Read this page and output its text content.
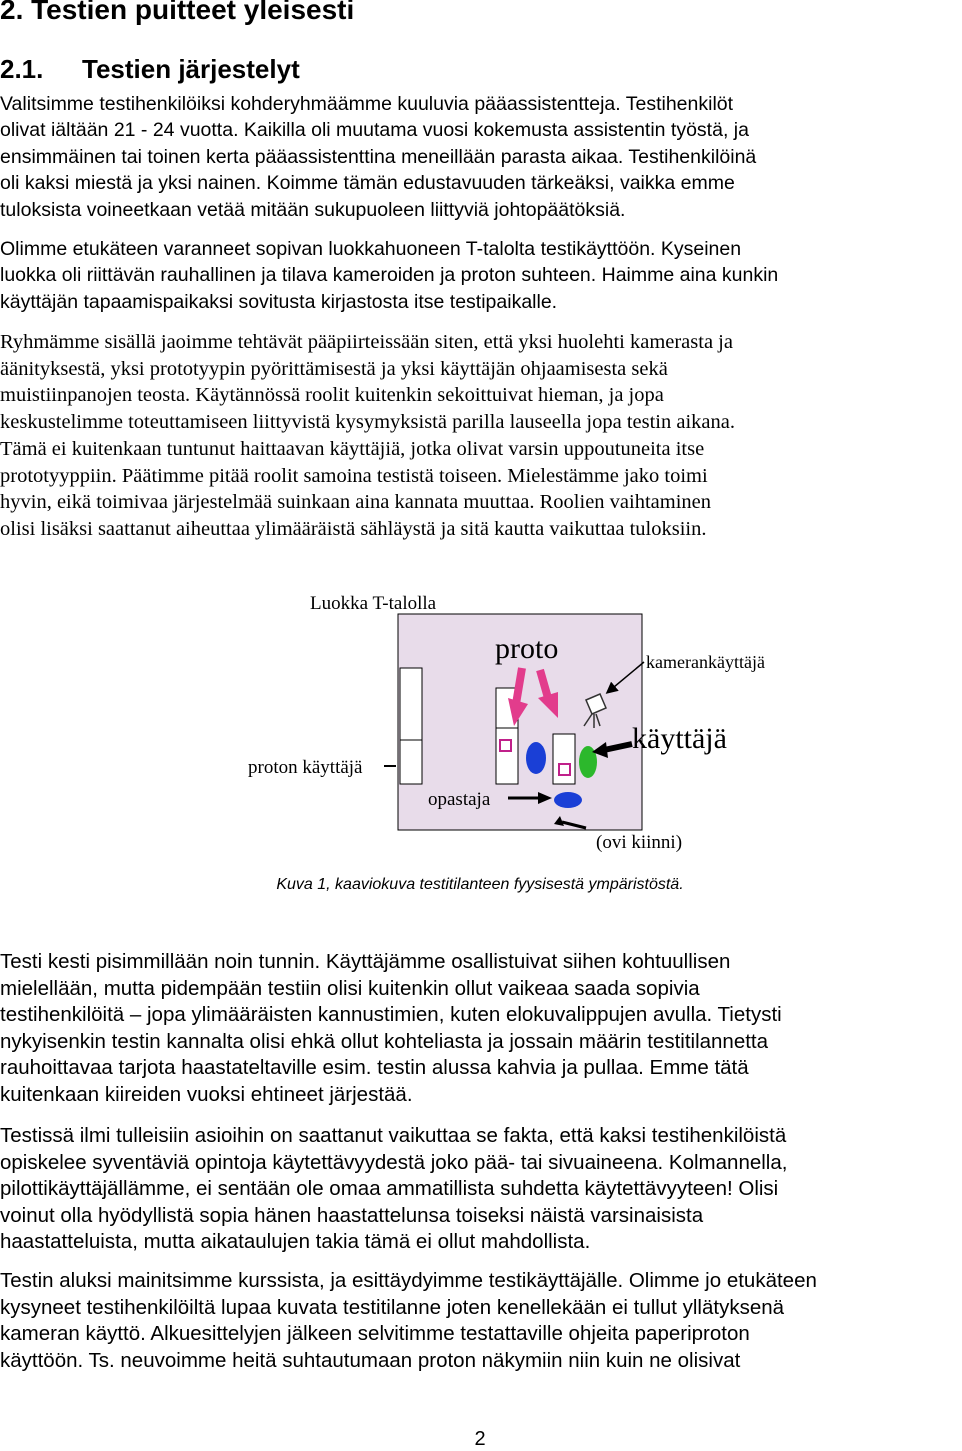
2. Testien puitteet yleisesti
2.1. Testien järjestelyt
Valitsimme testihenkilöiksi kohderyhmäämme kuuluvia pääassistentteja. Testihenkilöt
olivat iältään 21 - 24 vuotta. Kaikilla oli muutama vuosi kokemusta assistentin työstä, ja
ensimmäinen tai toinen kerta pääassistenttina meneillään parasta aikaa. Testihenkilöinä
oli kaksi miestä ja yksi nainen. Koimme tämän edustavuuden tärkeäksi, vaikka emme
tuloksista voineetkaan vetää mitään sukupuoleen liittyviä johtopäätöksiä.
Olimme etukäteen varanneet sopivan luokkahuoneen T-talolta testikäyttöön. Kyseinen
luokka oli riittävän rauhallinen ja tilava kameroiden ja proton suhteen. Haimme aina kunkin
käyttäjän tapaamispaikaksi sovitusta kirjastosta itse testipaikalle.
Ryhmämme sisällä jaoimme tehtävät pääpiirteissään siten, että yksi huolehti kamerasta ja
äänityksestä, yksi prototyypin pyörittämisestä ja yksi käyttäjän ohjaamisesta sekä
muistiinpanojen teosta. Käytännössä roolit kuitenkin sekoittuivat hieman, ja jopa
keskustelimme toteuttamiseen liittyvistä kysymyksistä parilla lauseella jopa testin aikana.
Tämä ei kuitenkaan tuntunut haittaavan käyttäjiä, jotka olivat varsin uppoutuneita itse
prototyyppiin. Päätimme pitää roolit samoina testistä toiseen. Mielestämme jako toimi
hyvin, eikä toimivaa järjestelmää suinkaan aina kannata muuttaa. Roolien vaihtaminen
olisi lisäksi saattanut aiheuttaa ylimääräistä sähläystä ja sitä kautta vaikuttaa tuloksiin.
Luokka T-talolla
proto	kamerankäyttäjä
käyttäjä
proton käyttäjä
opastaja
(ovi kiinni)
Kuva 1, kaaviokuva testitilanteen fyysisestä ympäristöstä.
Testi kesti pisimmillään noin tunnin. Käyttäjämme osallistuivat siihen kohtuullisen
mielellään, mutta pidempään testiin olisi kuitenkin ollut vaikeaa saada sopivia
testihenkilöitä – jopa ylimääräisten kannustimien, kuten elokuvalippujen avulla. Tietysti
nykyisenkin testin kannalta olisi ehkä ollut kohteliasta ja jossain määrin testitilannetta
rauhoittavaa tarjota haastateltaville esim. testin alussa kahvia ja pullaa. Emme tätä
kuitenkaan kiireiden vuoksi ehtineet järjestää.
Testissä ilmi tulleisiin asioihin on saattanut vaikuttaa se fakta, että kaksi testihenkilöistä
opiskelee syventäviä opintoja käytettävyydestä joko pää- tai sivuaineena. Kolmannella,
pilottikäyttäjällämme, ei sentään ole omaa ammatillista suhdetta käytettävyyteen! Olisi
voinut olla hyödyllistä sopia hänen haastattelunsa toiseksi näistä varsinaisista
haastatteluista, mutta aikataulujen takia tämä ei ollut mahdollista.
Testin aluksi mainitsimme kurssista, ja esittäydyimme testikäyttäjälle. Olimme jo etukäteen
kysyneet testihenkilöiltä lupaa kuvata testitilanne joten kenellekään ei tullut yllätyksenä
kameran käyttö. Alkuesittelyjen jälkeen selvitimme testattaville ohjeita paperiproton
käyttöön. Ts. neuvoimme heitä suhtautumaan proton näkymiin niin kuin ne olisivat
2
